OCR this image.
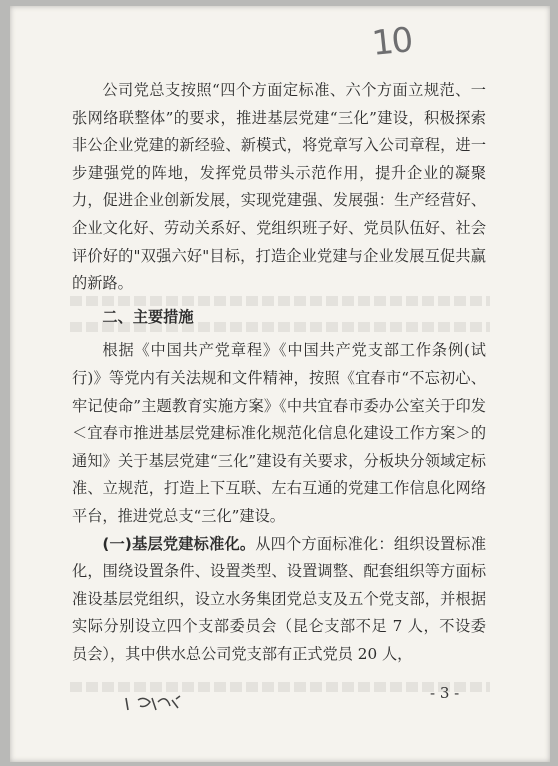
10

公司党总支按照“四个方面定标准、六个方面立规范、一张网络联整体”的要求，推进基层党建“三化”建设，积极探索非公企业党建的新经验、新模式，将党章写入公司章程，进一步建强党的阵地，发挥党员带头示范作用，提升企业的凝聚力，促进企业创新发展，实现党建强、发展强：生产经营好、企业文化好、劳动关系好、党组织班子好、党员队伍好、社会评价好的"双强六好"目标，打造企业党建与企业发展互促共赢的新路。

二、主要措施

根据《中国共产党章程》《中国共产党支部工作条例(试行)》等党内有关法规和文件精神，按照《宜春市“不忘初心、牢记使命”主题教育实施方案》《中共宜春市委办公室关于印发＜宜春市推进基层党建标准化规范化信息化建设工作方案＞的通知》关于基层党建“三化”建设有关要求，分板块分领域定标准、立规范，打造上下互联、左右互通的党建工作信息化网络平台，推进党总支“三化”建设。

(一)基层党建标准化。从四个方面标准化：组织设置标准化，围绕设置条件、设置类型、设置调整、配套组织等方面标准设基层党组织，设立水务集团党总支及五个党支部，并根据实际分别设立四个支部委员会（昆仑支部不足 7 人，不设委员会），其中供水总公司党支部有正式党员 20 人，

- 3 -
